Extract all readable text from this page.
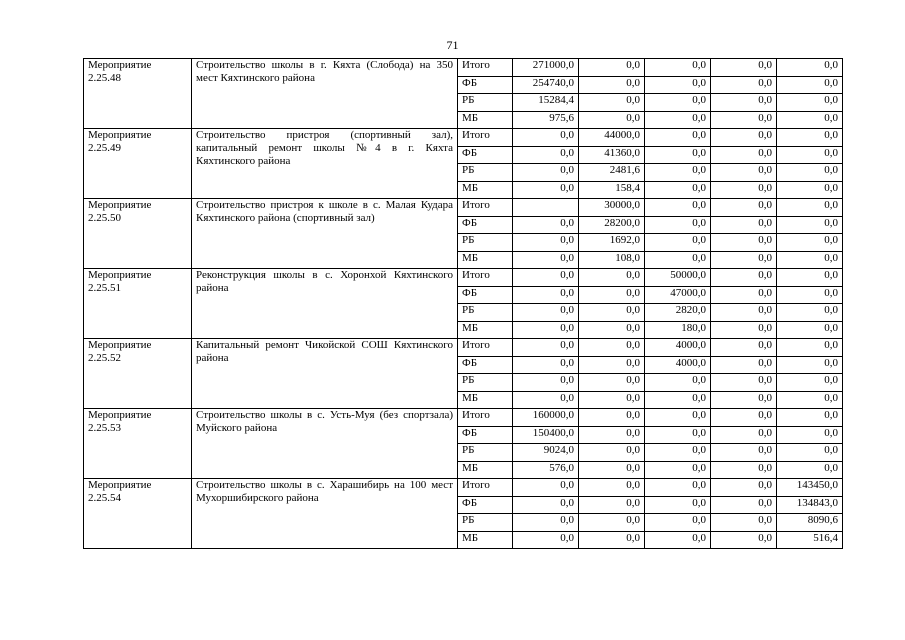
71
Мероприятие 2.25.48	Строительство школы в г. Кяхта (Слобода) на 350 мест Кяхтинского района	Итого	271000,0	0,0	0,0	0,0	0,0
		ФБ	254740,0	0,0	0,0	0,0	0,0
		РБ	15284,4	0,0	0,0	0,0	0,0
		МБ	975,6	0,0	0,0	0,0	0,0
Мероприятие 2.25.49	Строительство пристроя (спортивный зал), капитальный ремонт школы №4 в г. Кяхта Кяхтинского района	Итого	0,0	44000,0	0,0	0,0	0,0
		ФБ	0,0	41360,0	0,0	0,0	0,0
		РБ	0,0	2481,6	0,0	0,0	0,0
		МБ	0,0	158,4	0,0	0,0	0,0
Мероприятие 2.25.50	Строительство пристроя к школе в с. Малая Кудара Кяхтинского района (спортивный зал)	Итого		30000,0	0,0	0,0	0,0
		ФБ	0,0	28200,0	0,0	0,0	0,0
		РБ	0,0	1692,0	0,0	0,0	0,0
		МБ	0,0	108,0	0,0	0,0	0,0
Мероприятие 2.25.51	Реконструкция школы в с. Хоронхой Кяхтинского района	Итого	0,0	0,0	50000,0	0,0	0,0
		ФБ	0,0	0,0	47000,0	0,0	0,0
		РБ	0,0	0,0	2820,0	0,0	0,0
		МБ	0,0	0,0	180,0	0,0	0,0
Мероприятие 2.25.52	Капитальный ремонт Чикойской СОШ Кяхтинского района	Итого	0,0	0,0	4000,0	0,0	0,0
		ФБ	0,0	0,0	4000,0	0,0	0,0
		РБ	0,0	0,0	0,0	0,0	0,0
		МБ	0,0	0,0	0,0	0,0	0,0
Мероприятие 2.25.53	Строительство школы в с. Усть-Муя (без спортзала) Муйского района	Итого	160000,0	0,0	0,0	0,0	0,0
		ФБ	150400,0	0,0	0,0	0,0	0,0
		РБ	9024,0	0,0	0,0	0,0	0,0
		МБ	576,0	0,0	0,0	0,0	0,0
Мероприятие 2.25.54	Строительство школы в с. Харашибирь на 100 мест Мухоршибирского района	Итого	0,0	0,0	0,0	0,0	143450,0
		ФБ	0,0	0,0	0,0	0,0	134843,0
		РБ	0,0	0,0	0,0	0,0	8090,6
		МБ	0,0	0,0	0,0	0,0	516,4
